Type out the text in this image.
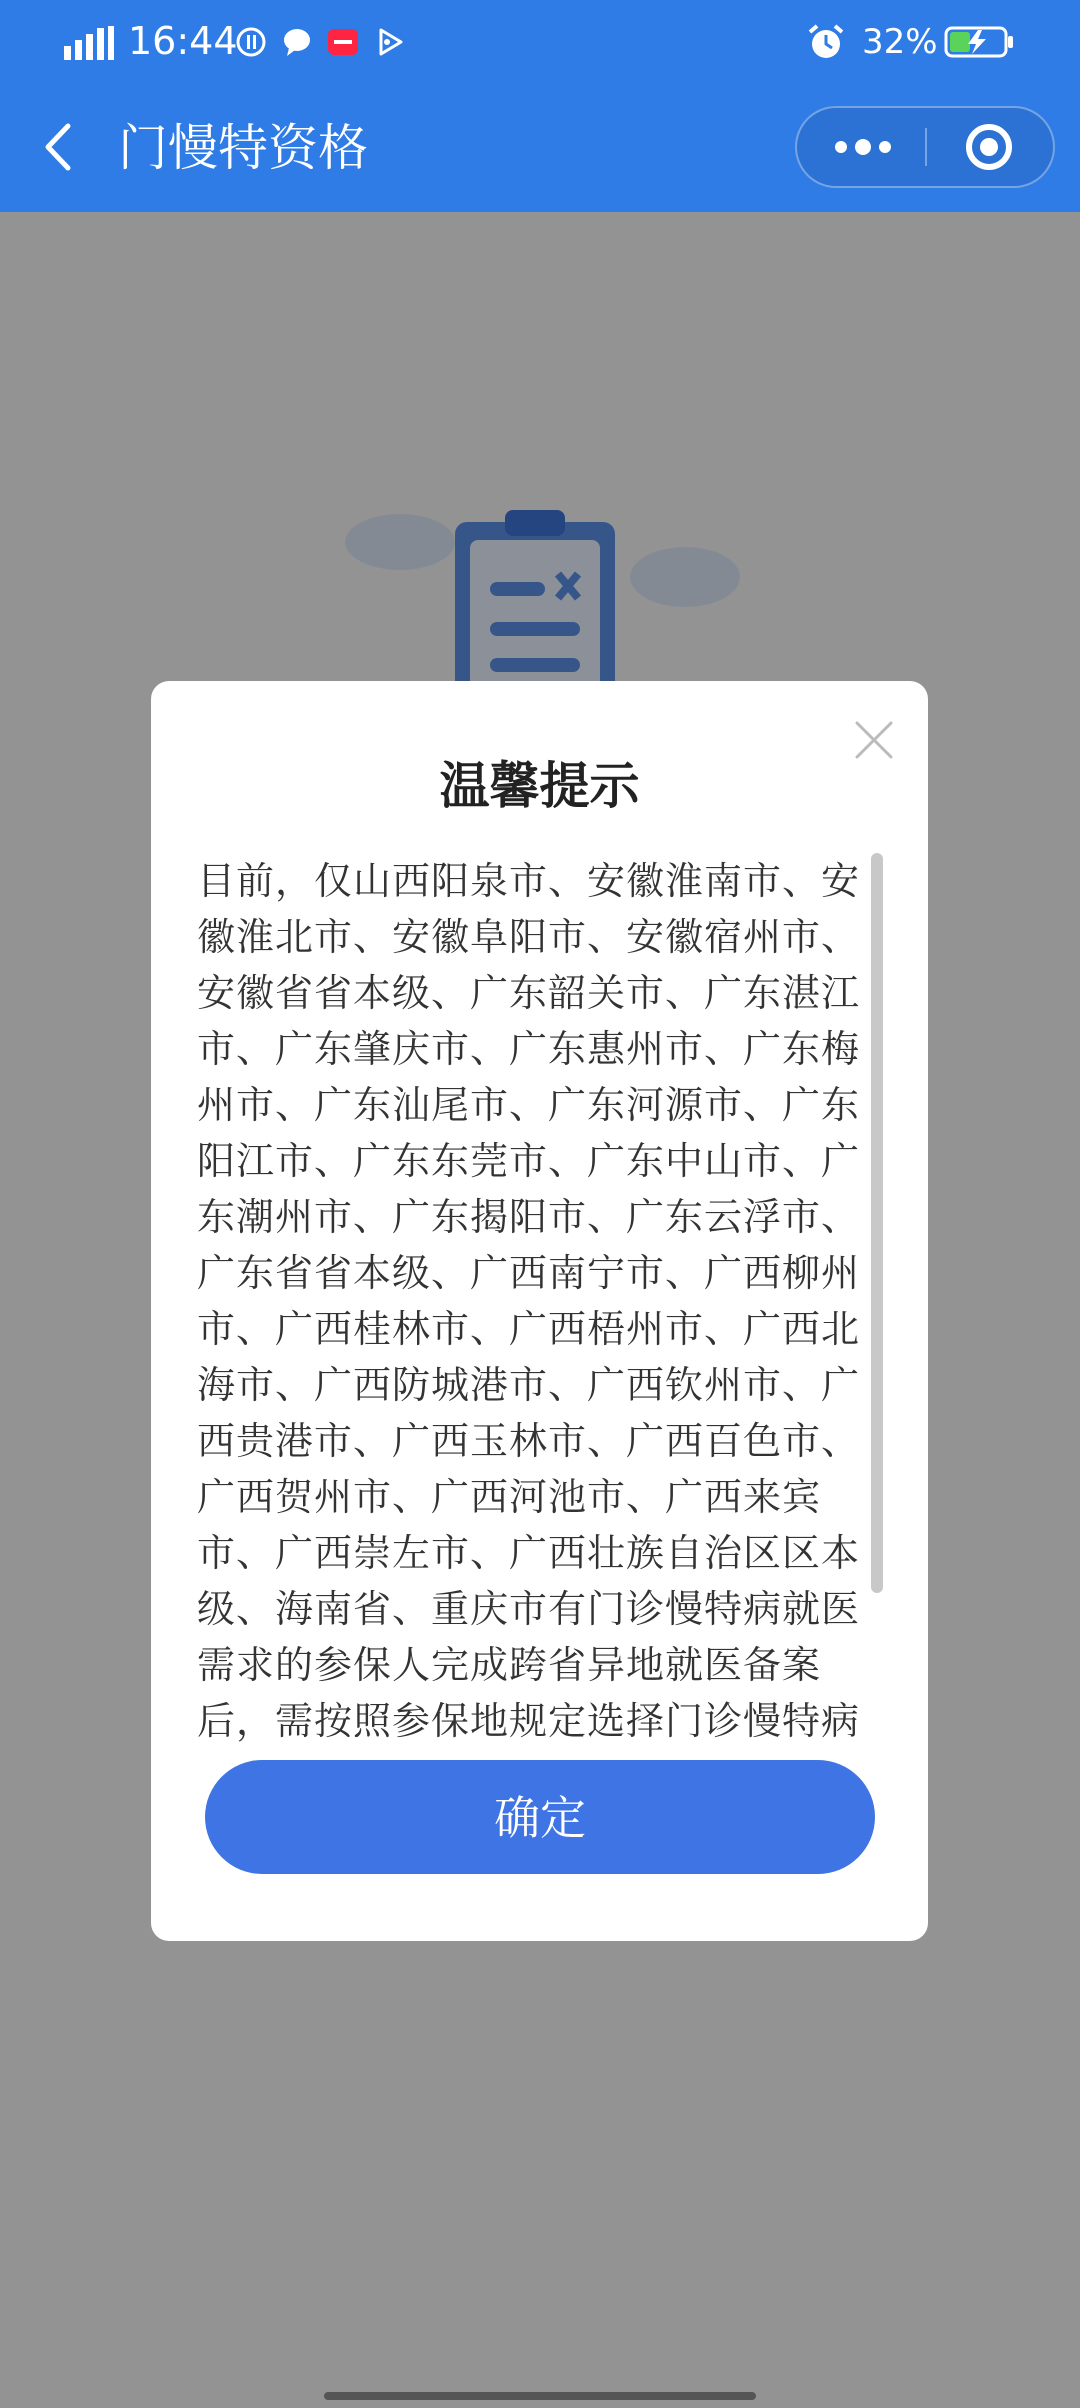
16:44	32%
门慢特资格
温馨提示
目前，仅山西阳泉市、安徽淮南市、安徽淮北市、安徽阜阳市、安徽宿州市、安徽省省本级、广东韶关市、广东湛江市、广东肇庆市、广东惠州市、广东梅州市、广东汕尾市、广东河源市、广东阳江市、广东东莞市、广东中山市、广东潮州市、广东揭阳市、广东云浮市、广东省省本级、广西南宁市、广西柳州市、广西桂林市、广西梧州市、广西北海市、广西防城港市、广西钦州市、广西贵港市、广西玉林市、广西百色市、广西贺州市、广西河池市、广西来宾市、广西崇左市、广西壮族自治区区本级、海南省、重庆市有门诊慢特病就医需求的参保人完成跨省异地就医备案后，需按照参保地规定选择门诊慢特病
确定
